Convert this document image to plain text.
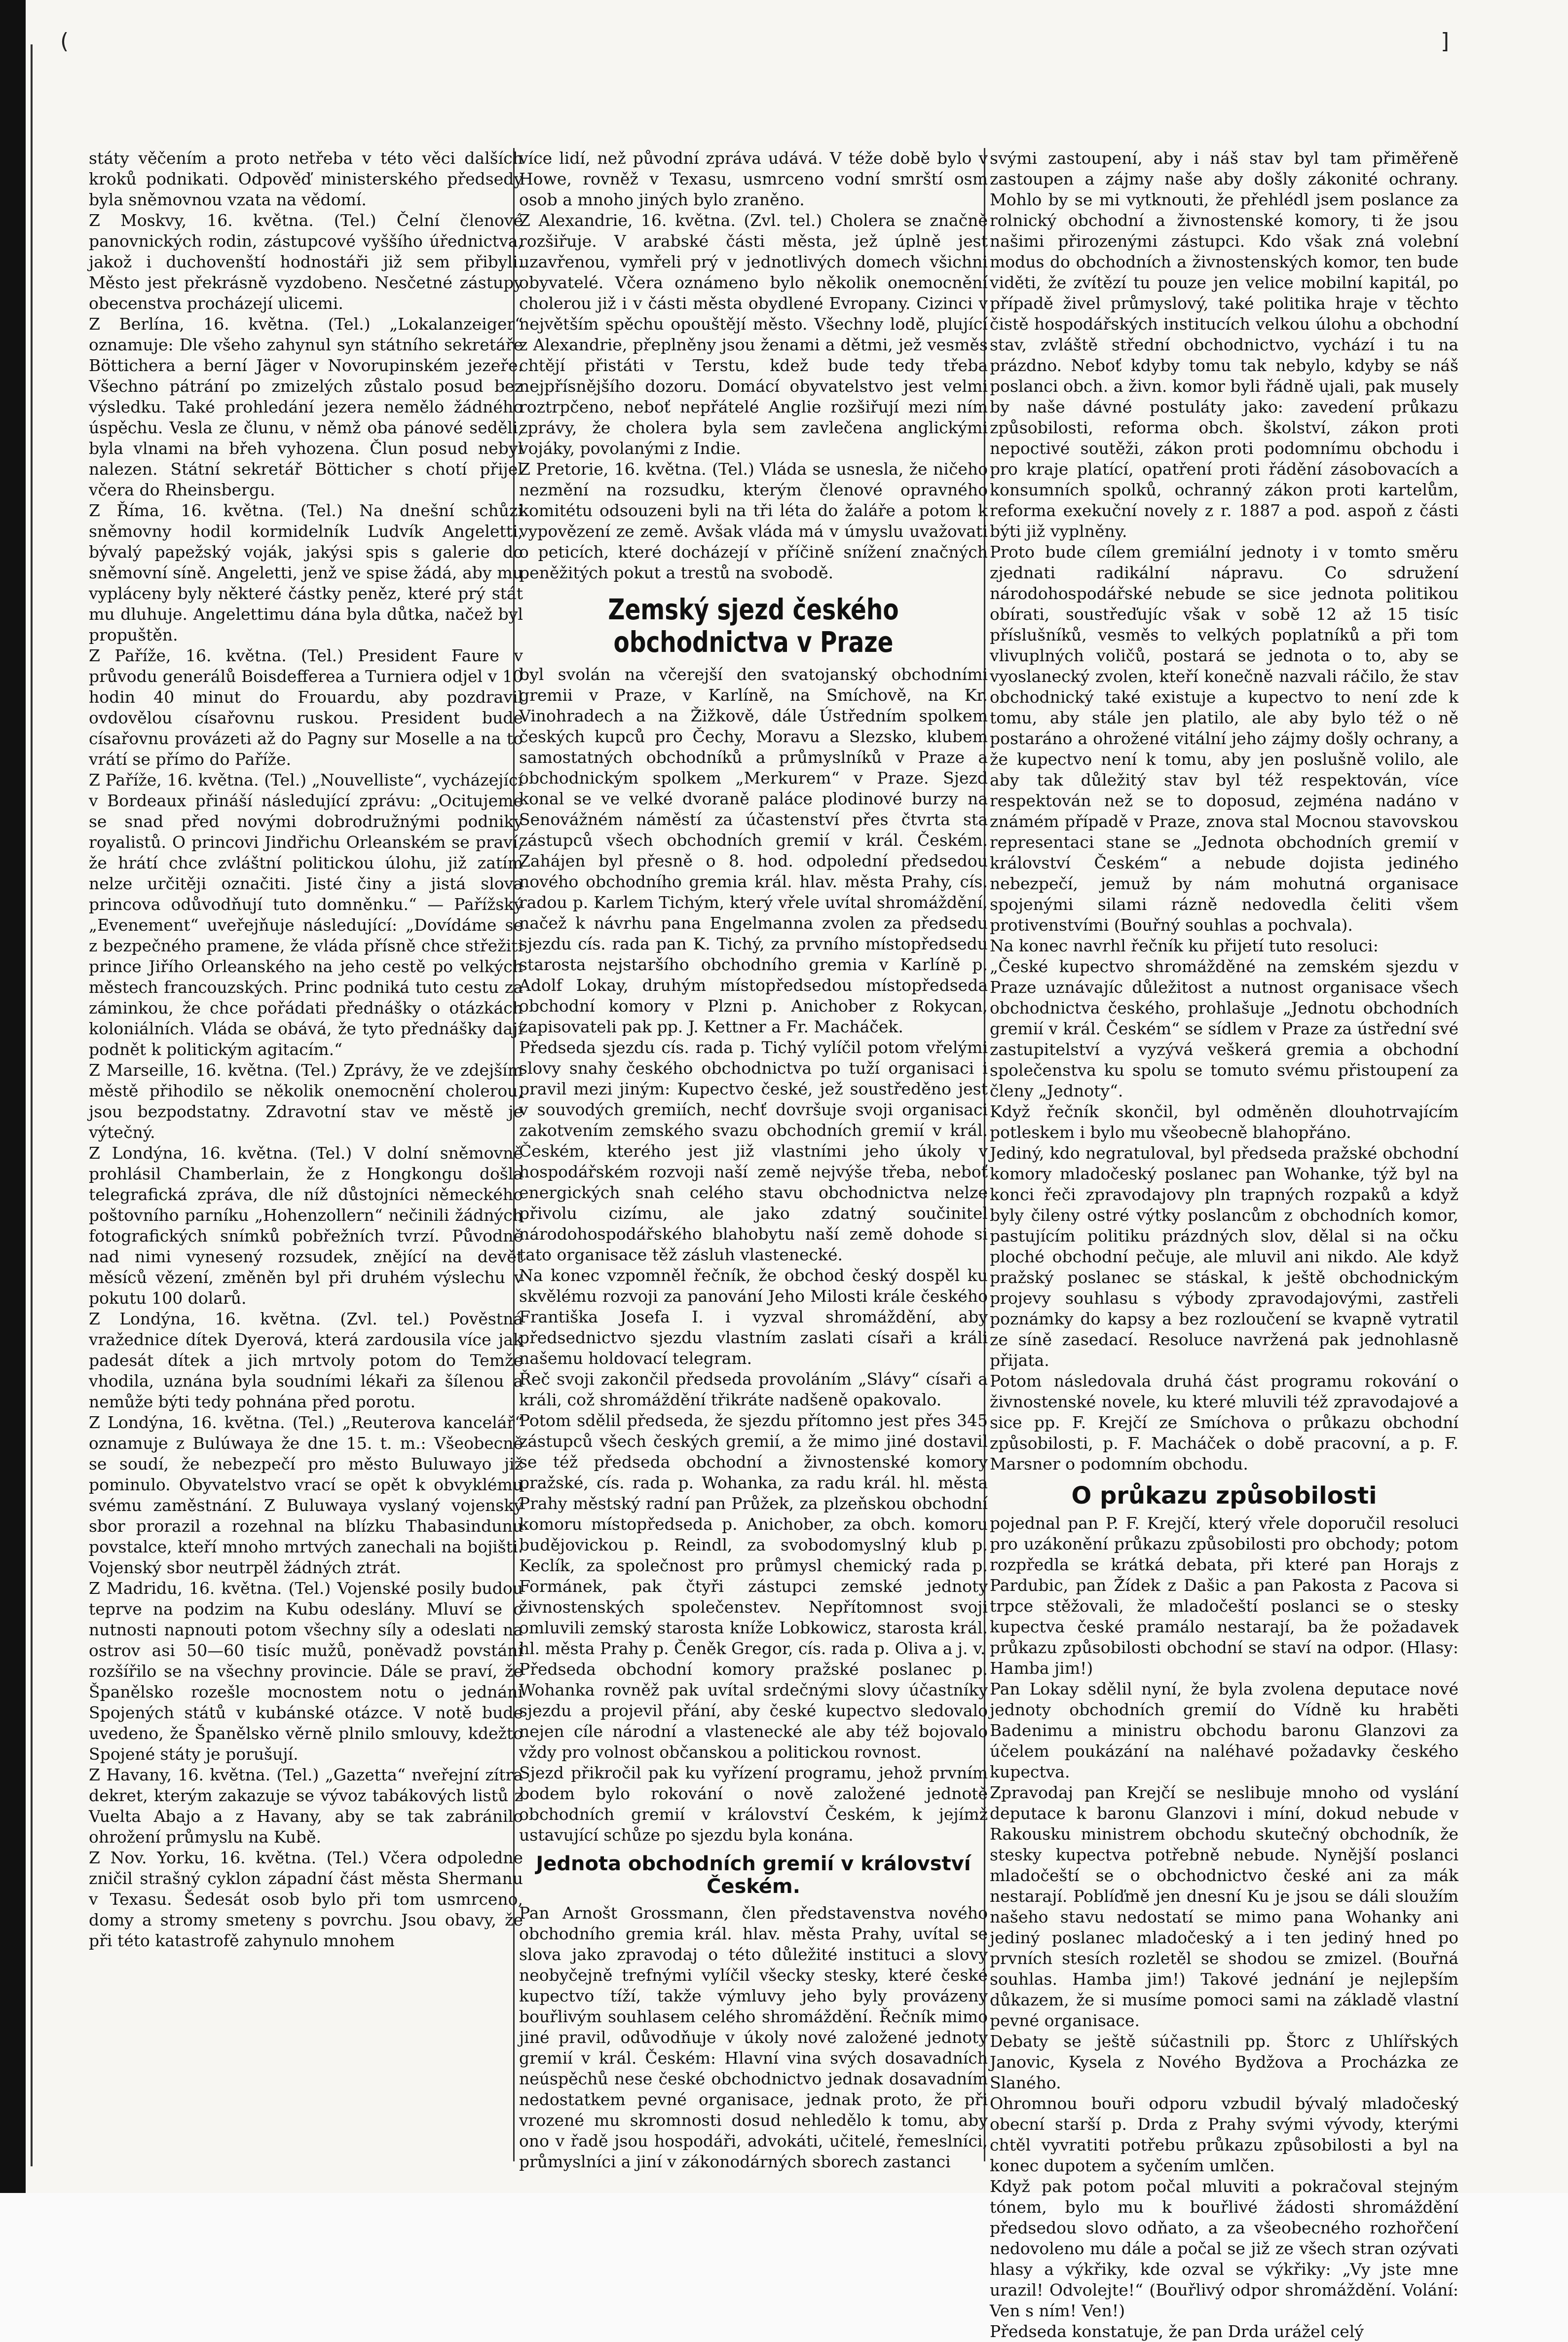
(	]

státy věčením a proto netřeba v této věci dalších kroků podnikati. Odpověď ministerského předsedy byla sněmovnou vzata na vědomí.

Z Moskvy, 16. května. (Tel.) Čelní členové panovnických rodin, zástupcové vyššího úřednictva, jakož i duchovenští hodnostáři již sem přibyli. Město jest překrásně vyzdobeno. Nesčetné zástupy obecenstva procházejí ulicemi.

Z Berlína, 16. května. (Tel.) „Lokalanzeiger“ oznamuje: Dle všeho zahynul syn státního sekretáře Böttichera a berní Jäger v Novorupinském jezeře. Všechno pátrání po zmizelých zůstalo posud bez výsledku. Také prohledání jezera nemělo žádného úspěchu. Vesla ze člunu, v němž oba pánové seděli, byla vlnami na břeh vyhozena. Člun posud nebyl nalezen. Státní sekretář Bötticher s chotí přijel včera do Rheinsbergu.

Z Říma, 16. května. (Tel.) Na dnešní schůzi sněmovny hodil kormidelník Ludvík Angeletti, bývalý papežský voják, jakýsi spis s galerie do sněmovní síně. Angeletti, jenž ve spise žádá, aby mu vypláceny byly některé částky peněz, které prý stát mu dluhuje. Angelettimu dána byla důtka, načež byl propuštěn.

Z Paříže, 16. května. (Tel.) President Faure v průvodu generálů Boisdefferea a Turniera odjel v 10 hodin 40 minut do Frouardu, aby pozdravil ovdovělou císařovnu ruskou. President bude císařovnu provázeti až do Pagny sur Moselle a na to vrátí se přímo do Paříže.

Z Paříže, 16. května. (Tel.) „Nouvelliste“, vycházející v Bordeaux přináší následující zprávu: „Ocitujeme se snad před novými dobrodružnými podniky royalistů. O princovi Jindřichu Orleanském se praví, že hrátí chce zvláštní politickou úlohu, již zatím nelze určitěji označiti. Jisté činy a jistá slova princova odůvodňují tuto domněnku.“ — Pařížský „Evenement“ uveřejňuje následující: „Dovídáme se z bezpečného pramene, že vláda přísně chce střežiti prince Jiřího Orleanského na jeho cestě po velkých městech francouzských. Princ podniká tuto cestu za záminkou, že chce pořádati přednášky o otázkách koloniálních. Vláda se obává, že tyto přednášky dají podnět k politickým agitacím.“

Z Marseille, 16. května. (Tel.) Zprávy, že ve zdejším městě přihodilo se několik onemocnění cholerou, jsou bezpodstatny. Zdravotní stav ve městě je výtečný.

Z Londýna, 16. května. (Tel.) V dolní sněmovně prohlásil Chamberlain, že z Hongkongu došla telegrafická zpráva, dle níž důstojníci německého poštovního parníku „Hohenzollern“ nečinili žádných fotografických snímků pobřežních tvrzí. Původně nad nimi vynesený rozsudek, znějící na devět měsíců vězení, změněn byl při druhém výslechu v pokutu 100 dolarů.

Z Londýna, 16. května. (Zvl. tel.) Pověstná vražednice dítek Dyerová, která zardousila více jak padesát dítek a jich mrtvoly potom do Temže vhodila, uznána byla soudními lékaři za šílenou a nemůže býti tedy pohnána před porotu.

Z Londýna, 16. května. (Tel.) „Reuterova kancelář“ oznamuje z Bulúwaya že dne 15. t. m.: Všeobecně se soudí, že nebezpečí pro město Buluwayo již pominulo. Obyvatelstvo vrací se opět k obvyklému svému zaměstnání. Z Buluwaya vyslaný vojenský sbor prorazil a rozehnal na blízku Thabasindunu povstalce, kteří mnoho mrtvých zanechali na bojišti. Vojenský sbor neutrpěl žádných ztrát.

Z Madridu, 16. května. (Tel.) Vojenské posily budou teprve na podzim na Kubu odeslány. Mluví se o nutnosti napnouti potom všechny síly a odeslati na ostrov asi 50—60 tisíc mužů, poněvadž povstání rozšířilo se na všechny provincie. Dále se praví, že Španělsko rozešle mocnostem notu o jednání Spojených států v kubánské otázce. V notě bude uvedeno, že Španělsko věrně plnilo smlouvy, kdežto Spojené státy je porušují.

Z Havany, 16. května. (Tel.) „Gazetta“ nveřejní zítra dekret, kterým zakazuje se vývoz tabákových listů z Vuelta Abajo a z Havany, aby se tak zabránilo ohrožení průmyslu na Kubě.

Z Nov. Yorku, 16. května. (Tel.) Včera odpoledne zničil strašný cyklon západní část města Shermanu v Texasu. Šedesát osob bylo při tom usmrceno, domy a stromy smeteny s povrchu. Jsou obavy, že při této katastrofě zahynulo mnohem

více lidí, než původní zpráva udává. V téže době bylo v Howe, rovněž v Texasu, usmrceno vodní smrští osm osob a mnoho jiných bylo zraněno.

Z Alexandrie, 16. května. (Zvl. tel.) Cholera se značně rozšiřuje. V arabské části města, jež úplně jest uzavřenou, vymřeli prý v jednotlivých domech všichni obyvatelé. Včera oznámeno bylo několik onemocnění cholerou již i v části města obydlené Evropany. Cizinci v největším spěchu opouštějí město. Všechny lodě, plující z Alexandrie, přeplněny jsou ženami a dětmi, jež vesměs chtějí přistáti v Terstu, kdež bude tedy třeba nejpřísnějšího dozoru. Domácí obyvatelstvo jest velmi roztrpčeno, neboť nepřátelé Anglie rozšiřují mezi ním zprávy, že cholera byla sem zavlečena anglickými vojáky, povolanými z Indie.

Z Pretorie, 16. května. (Tel.) Vláda se usnesla, že ničeho nezmění na rozsudku, kterým členové opravného komitétu odsouzeni byli na tři léta do žaláře a potom k vypovězení ze země. Avšak vláda má v úmyslu uvažovati o peticích, které docházejí v příčině snížení značných peněžitých pokut a trestů na svobodě.

Zemský sjezd českého obchodnictva v Praze

byl svolán na včerejší den svatojanský obchodními gremii v Praze, v Karlíně, na Smíchově, na Kr. Vinohradech a na Žižkově, dále Ústředním spolkem českých kupců pro Čechy, Moravu a Slezsko, klubem samostatných obchodníků a průmyslníků v Praze a obchodnickým spolkem „Merkurem“ v Praze. Sjezd konal se ve velké dvoraně paláce plodinové burzy na Senovážném náměstí za účastenství přes čtvrta sta zástupců všech obchodních gremií v král. Českém. Zahájen byl přesně o 8. hod. odpolední předsedou nového obchodního gremia král. hlav. města Prahy, cís. radou p. Karlem Tichým, který vřele uvítal shromáždění, načež k návrhu pana Engelmanna zvolen za předsedu sjezdu cís. rada pan K. Tichý, za prvního místopředsedu starosta nejstaršího obchodního gremia v Karlíně p. Adolf Lokay, druhým místopředsedou místopředseda obchodní komory v Plzni p. Anichober z Rokycan, zapisovateli pak pp. J. Kettner a Fr. Macháček.

Předseda sjezdu cís. rada p. Tichý vylíčil potom vřelými slovy snahy českého obchodnictva po tuží organisaci i pravil mezi jiným: Kupectvo české, jež soustředěno jest v souvodých gremiích, nechť dovršuje svoji organisaci zakotvením zemského svazu obchodních gremií v král. Českém, kterého jest již vlastními jeho úkoly v hospodářském rozvoji naší země nejvýše třeba, neboť energických snah celého stavu obchodnictva nelze přivolu cizímu, ale jako zdatný součinitel národohospodářského blahobytu naší země dohode si tato organisace těž zásluh vlastenecké.

Na konec vzpomněl řečník, že obchod český dospěl ku skvělému rozvoji za panování Jeho Milosti krále českého Františka Josefa I. i vyzval shromáždění, aby předsednictvo sjezdu vlastním zaslati císaři a králi našemu holdovací telegram.

Řeč svoji zakončil předseda provoláním „Slávy“ císaři a králi, což shromáždění třikráte nadšeně opakovalo.

Potom sdělil předseda, že sjezdu přítomno jest přes 345 zástupců všech českých gremií, a že mimo jiné dostavil se též předseda obchodní a živnostenské komory pražské, cís. rada p. Wohanka, za radu král. hl. města Prahy městský radní pan Průžek, za plzeňskou obchodní komoru místopředseda p. Anichober, za obch. komoru budějovickou p. Reindl, za svobodomyslný klub p. Keclík, za společnost pro průmysl chemický rada p. Formánek, pak čtyři zástupci zemské jednoty živnostenských společenstev. Nepřítomnost svoji omluvili zemský starosta kníže Lobkowicz, starosta král. hl. města Prahy p. Čeněk Gregor, cís. rada p. Oliva a j. v.

Předseda obchodní komory pražské poslanec p. Wohanka rovněž pak uvítal srdečnými slovy účastníky sjezdu a projevil přání, aby české kupectvo sledovalo nejen cíle národní a vlastenecké ale aby též bojovalo vždy pro volnost občanskou a politickou rovnost.

Sjezd přikročil pak ku vyřízení programu, jehož prvním bodem bylo rokování o nově založené jednotě obchodních gremií v království Českém, k jejímž ustavující schůze po sjezdu byla konána.

Jednota obchodních gremií v království Českém.

Pan Arnošt Grossmann, člen představenstva nového obchodního gremia král. hlav. města Prahy, uvítal se slova jako zpravodaj o této důležité instituci a slovy neobyčejně trefnými vylíčil všecky stesky, které české kupectvo tíží, takže výmluvy jeho byly provázeny bouřlivým souhlasem celého shromáždění. Řečník mimo jiné pravil, odůvodňuje v úkoly nové založené jednoty gremií v král. Českém: Hlavní vina svých dosavadních neúspěchů nese české obchodnictvo jednak dosavadním nedostatkem pevné organisace, jednak proto, že při vrozené mu skromnosti dosud nehledělo k tomu, aby ono v řadě jsou hospodáři, advokáti, učitelé, řemeslníci, průmyslníci a jiní v zákonodárných sborech zastanci

svými zastoupení, aby i náš stav byl tam přiměřeně zastoupen a zájmy naše aby došly zákonité ochrany. Mohlo by se mi vytknouti, že přehlédl jsem poslance za rolnický obchodní a živnostenské komory, ti že jsou našimi přirozenými zástupci. Kdo však zná volební modus do obchodních a živnostenských komor, ten bude viděti, že zvítězí tu pouze jen velice mobilní kapitál, po případě živel průmyslový, také politika hraje v těchto čistě hospodářských institucích velkou úlohu a obchodní stav, zvláště střední obchodnictvo, vychází i tu na prázdno. Neboť kdyby tomu tak nebylo, kdyby se náš poslanci obch. a živn. komor byli řádně ujali, pak musely by naše dávné postuláty jako: zavedení průkazu způsobilosti, reforma obch. školství, zákon proti nepoctivé soutěži, zákon proti podomnímu obchodu i pro kraje platící, opatření proti řádění zásobovacích a konsumních spolků, ochranný zákon proti kartelům, reforma exekuční novely z r. 1887 a pod. aspoň z části býti již vyplněny.

Proto bude cílem gremiální jednoty i v tomto směru zjednati radikální nápravu. Co sdružení národohospodářské nebude se sice jednota politikou obírati, soustřeďujíc však v sobě 12 až 15 tisíc příslušníků, vesměs to velkých poplatníků a při tom vlivuplných voličů, postará se jednota o to, aby se vyoslanecký zvolen, kteří konečně nazvali ráčilo, že stav obchodnický také existuje a kupectvo to není zde k tomu, aby stále jen platilo, ale aby bylo též o ně postaráno a ohrožené vitální jeho zájmy došly ochrany, a že kupectvo není k tomu, aby jen poslušně volilo, ale aby tak důležitý stav byl též respektován, více respektován než se to doposud, zejména nadáno v známém případě v Praze, znova stal Mocnou stavovskou representaci stane se „Jednota obchodních gremií v království Českém“ a nebude dojista jediného nebezpečí, jemuž by nám mohutná organisace spojenými silami rázně nedovedla čeliti všem protivenstvími (Bouřný souhlas a pochvala).

Na konec navrhl řečník ku přijetí tuto resoluci:

„České kupectvo shromážděné na zemském sjezdu v Praze uznávajíc důležitost a nutnost organisace všech obchodnictva českého, prohlašuje „Jednotu obchodních gremií v král. Českém“ se sídlem v Praze za ústřední své zastupitelství a vyzývá veškerá gremia a obchodní společenstva ku spolu se tomuto svému přistoupení za členy „Jednoty“.

Když řečník skončil, byl odměněn dlouhotrvajícím potleskem i bylo mu všeobecně blahopřáno.

Jediný, kdo negratuloval, byl předseda pražské obchodní komory mladočeský poslanec pan Wohanke, týž byl na konci řeči zpravodajovy pln trapných rozpaků a když byly čileny ostré výtky poslancům z obchodních komor, pastujícím politiku prázdných slov, dělal si na očku ploché obchodní pečuje, ale mluvil ani nikdo. Ale když pražský poslanec se stáskal, k ještě obchodnickým projevy souhlasu s výbody zpravodajovými, zastřeli poznámky do kapsy a bez rozloučení se kvapně vytratil ze síně zasedací. Resoluce navržená pak jednohlasně přijata.

Potom následovala druhá část programu rokování o živnostenské novele, ku které mluvili též zpravodajové a sice pp. F. Krejčí ze Smíchova o průkazu obchodní způsobilosti, p. F. Macháček o době pracovní, a p. F. Marsner o podomním obchodu.

O průkazu způsobilosti

pojednal pan P. F. Krejčí, který vřele doporučil resoluci pro uzákonění průkazu způsobilosti pro obchody; potom rozpředla se krátká debata, při které pan Horajs z Pardubic, pan Žídek z Dašic a pan Pakosta z Pacova si trpce stěžovali, že mladočeští poslanci se o stesky kupectva české pramálo nestarají, ba že požadavek průkazu způsobilosti obchodní se staví na odpor. (Hlasy: Hamba jim!)

Pan Lokay sdělil nyní, že byla zvolena deputace nové jednoty obchodních gremií do Vídně ku hraběti Badenimu a ministru obchodu baronu Glanzovi za účelem poukázání na naléhavé požadavky českého kupectva.

Zpravodaj pan Krejčí se neslibuje mnoho od vyslání deputace k baronu Glanzovi i míní, dokud nebude v Rakousku ministrem obchodu skutečný obchodník, že stesky kupectva potřebně nebude. Nynější poslanci mladočeští se o obchodnictvo české ani za mák nestarají. Poblíďmě jen dnesní Ku je jsou se dáli sloužím našeho stavu nedostatí se mimo pana Wohanky ani jediný poslanec mladočeský a i ten jediný hned po prvních stesích rozletěl se shodou se zmizel. (Bouřná souhlas. Hamba jim!) Takové jednání je nejlepším důkazem, že si musíme pomoci sami na základě vlastní pevné organisace.

Debaty se ještě súčastnili pp. Štorc z Uhlířských Janovic, Kysela z Nového Bydžova a Procházka ze Slaného.

Ohromnou bouři odporu vzbudil bývalý mladočeský obecní starší p. Drda z Prahy svými vývody, kterými chtěl vyvratiti potřebu průkazu způsobilosti a byl na konec dupotem a syčením umlčen.

Když pak potom počal mluviti a pokračoval stejným tónem, bylo mu k bouřlivé žádosti shromáždění předsedou slovo odňato, a za všeobecného rozhořčení nedovoleno mu dále a počal se již ze všech stran ozývati hlasy a výkřiky, kde ozval se výkřiky: „Vy jste mne urazil! Odvolejte!“ (Bouřlivý odpor shromáždění. Volání: Ven s ním! Ven!)

Předseda konstatuje, že pan Drda urážel celý
